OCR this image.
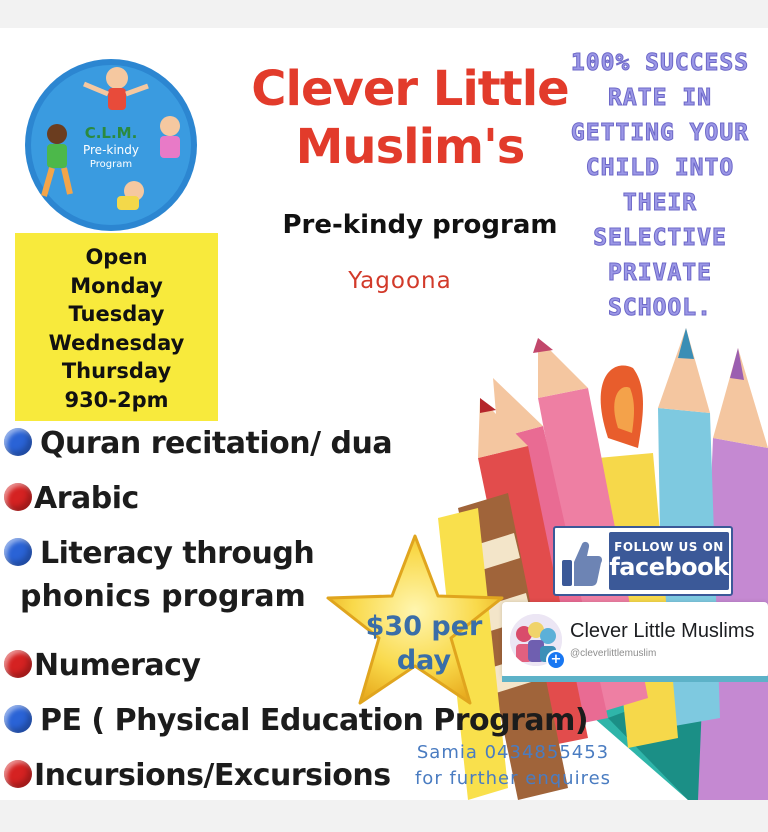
C.L.M.
Pre-kindy
Program
Clever Little
Muslim's
Pre-kindy program
Yagoona
100% SUCCESS
RATE IN
GETTING YOUR
CHILD INTO
THEIR
SELECTIVE
PRIVATE
SCHOOL.
Open
Monday
Tuesday
Wednesday
Thursday
930-2pm
Quran recitation/ dua
Arabic
Literacy through
phonics program
Numeracy
PE ( Physical Education Program)
Incursions/Excursions
$30 per
day
Samia 0434855453
for further enquires
FOLLOW US ON
facebook
+
Clever Little Muslims
@cleverlittlemuslim
